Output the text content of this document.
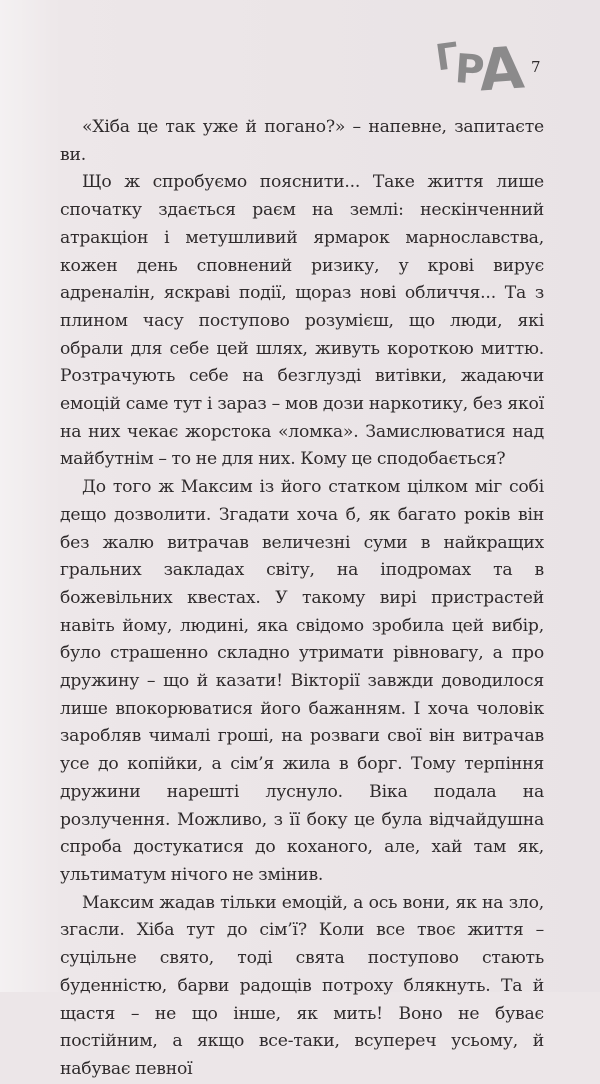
Г
Р
А 7

«Хіба це так уже й погано?» – напевне, запитаєте ви.

Що ж спробуємо пояснити... Таке життя лише спочатку здається раєм на землі: нескінченний атракціон і метушливий ярмарок марнославства, кожен день сповнений ризику, у крові вирує адреналін, яскраві події, щораз нові обличчя... Та з плином часу поступово розумієш, що люди, які обрали для себе цей шлях, живуть короткою миттю. Розтрачують себе на безглузді витівки, жадаючи емоцій саме тут і зараз – мов дози наркотику, без якої на них чекає жорстока «ломка». Замислюватися над майбутнім – то не для них. Кому це сподобається?

До того ж Максим із його статком цілком міг собі дещо дозволити. Згадати хоча б, як багато років він без жалю витрачав величезні суми в найкращих гральних закладах світу, на іподромах та в божевільних квестах. У такому вирі пристрастей навіть йому, людині, яка свідомо зробила цей вибір, було страшенно складно утримати рівновагу, а про дружину – що й казати! Вікторії завжди доводилося лише впокорюватися його бажанням. І хоча чоловік заробляв чималі гроші, на розваги свої він витрачав усе до копійки, а сім’я жила в борг. Тому терпіння дружини нарешті луснуло. Віка подала на розлучення. Можливо, з її боку це була відчайдушна спроба достукатися до коханого, але, хай там як, ультиматум нічого не змінив.

Максим жадав тільки емоцій, а ось вони, як на зло, згасли. Хіба тут до сім’ї? Коли все твоє життя – суцільне свято, тоді свята поступово стають буденністю, барви радощів потроху блякнуть. Та й щастя – не що інше, як мить! Воно не буває постійним, а якщо все-таки, всупереч усьому, й набуває певної
